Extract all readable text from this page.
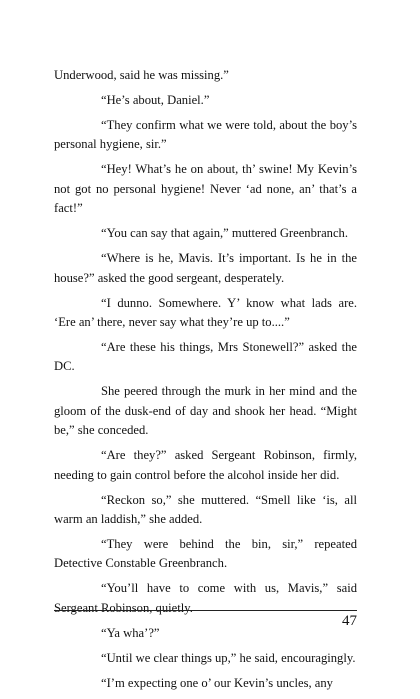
Underwood, said he was missing.”

“He’s about, Daniel.”

“They confirm what we were told, about the boy’s personal hygiene, sir.”

“Hey! What’s he on about, th’ swine! My Kevin’s not got no personal hygiene! Never ‘ad none, an’ that’s a fact!”

“You can say that again,” muttered Greenbranch.

“Where is he, Mavis. It’s important. Is he in the house?” asked the good sergeant, desperately.

“I dunno. Somewhere. Y’ know what lads are. ‘Ere an’ there, never say what they’re up to....”

“Are these his things, Mrs Stonewell?” asked the DC.

She peered through the murk in her mind and the gloom of the dusk-end of day and shook her head. “Might be,” she conceded.

“Are they?” asked Sergeant Robinson, firmly, needing to gain control before the alcohol inside her did.

“Reckon so,” she muttered. “Smell like ‘is, all warm an laddish,” she added.

“They were behind the bin, sir,” repeated Detective Constable Greenbranch.

“You’ll have to come with us, Mavis,” said Sergeant Robinson, quietly.

“Ya wha’?”

“Until we clear things up,” he said, encouragingly.

“I’m expecting one o’ our Kevin’s uncles, any

47
